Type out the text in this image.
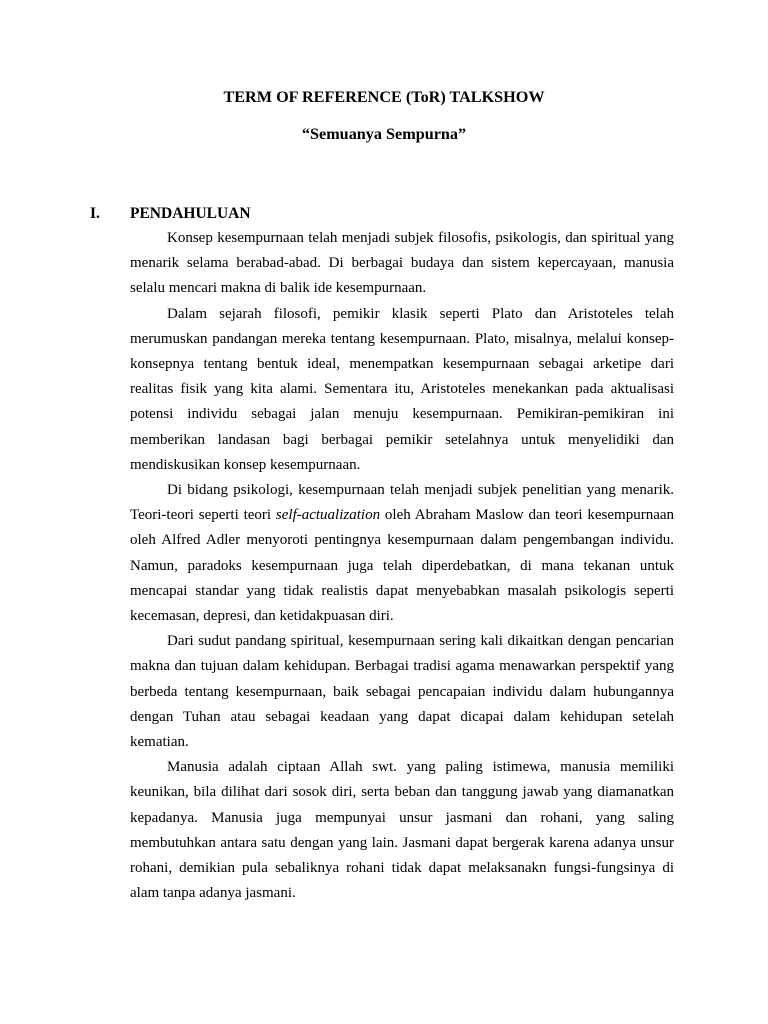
TERM OF REFERENCE (ToR) TALKSHOW
“Semuanya Sempurna”
I.	PENDAHULUAN

Konsep kesempurnaan telah menjadi subjek filosofis, psikologis, dan spiritual yang menarik selama berabad-abad. Di berbagai budaya dan sistem kepercayaan, manusia selalu mencari makna di balik ide kesempurnaan.

Dalam sejarah filosofi, pemikir klasik seperti Plato dan Aristoteles telah merumuskan pandangan mereka tentang kesempurnaan. Plato, misalnya, melalui konsep-konsepnya tentang bentuk ideal, menempatkan kesempurnaan sebagai arketipe dari realitas fisik yang kita alami. Sementara itu, Aristoteles menekankan pada aktualisasi potensi individu sebagai jalan menuju kesempurnaan. Pemikiran-pemikiran ini memberikan landasan bagi berbagai pemikir setelahnya untuk menyelidiki dan mendiskusikan konsep kesempurnaan.

Di bidang psikologi, kesempurnaan telah menjadi subjek penelitian yang menarik. Teori-teori seperti teori self-actualization oleh Abraham Maslow dan teori kesempurnaan oleh Alfred Adler menyoroti pentingnya kesempurnaan dalam pengembangan individu. Namun, paradoks kesempurnaan juga telah diperdebatkan, di mana tekanan untuk mencapai standar yang tidak realistis dapat menyebabkan masalah psikologis seperti kecemasan, depresi, dan ketidakpuasan diri.

Dari sudut pandang spiritual, kesempurnaan sering kali dikaitkan dengan pencarian makna dan tujuan dalam kehidupan. Berbagai tradisi agama menawarkan perspektif yang berbeda tentang kesempurnaan, baik sebagai pencapaian individu dalam hubungannya dengan Tuhan atau sebagai keadaan yang dapat dicapai dalam kehidupan setelah kematian.

Manusia adalah ciptaan Allah swt. yang paling istimewa, manusia memiliki keunikan, bila dilihat dari sosok diri, serta beban dan tanggung jawab yang diamanatkan kepadanya. Manusia juga mempunyai unsur jasmani dan rohani, yang saling membutuhkan antara satu dengan yang lain. Jasmani dapat bergerak karena adanya unsur rohani, demikian pula sebaliknya rohani tidak dapat melaksanakn fungsi-fungsinya di alam tanpa adanya jasmani.
